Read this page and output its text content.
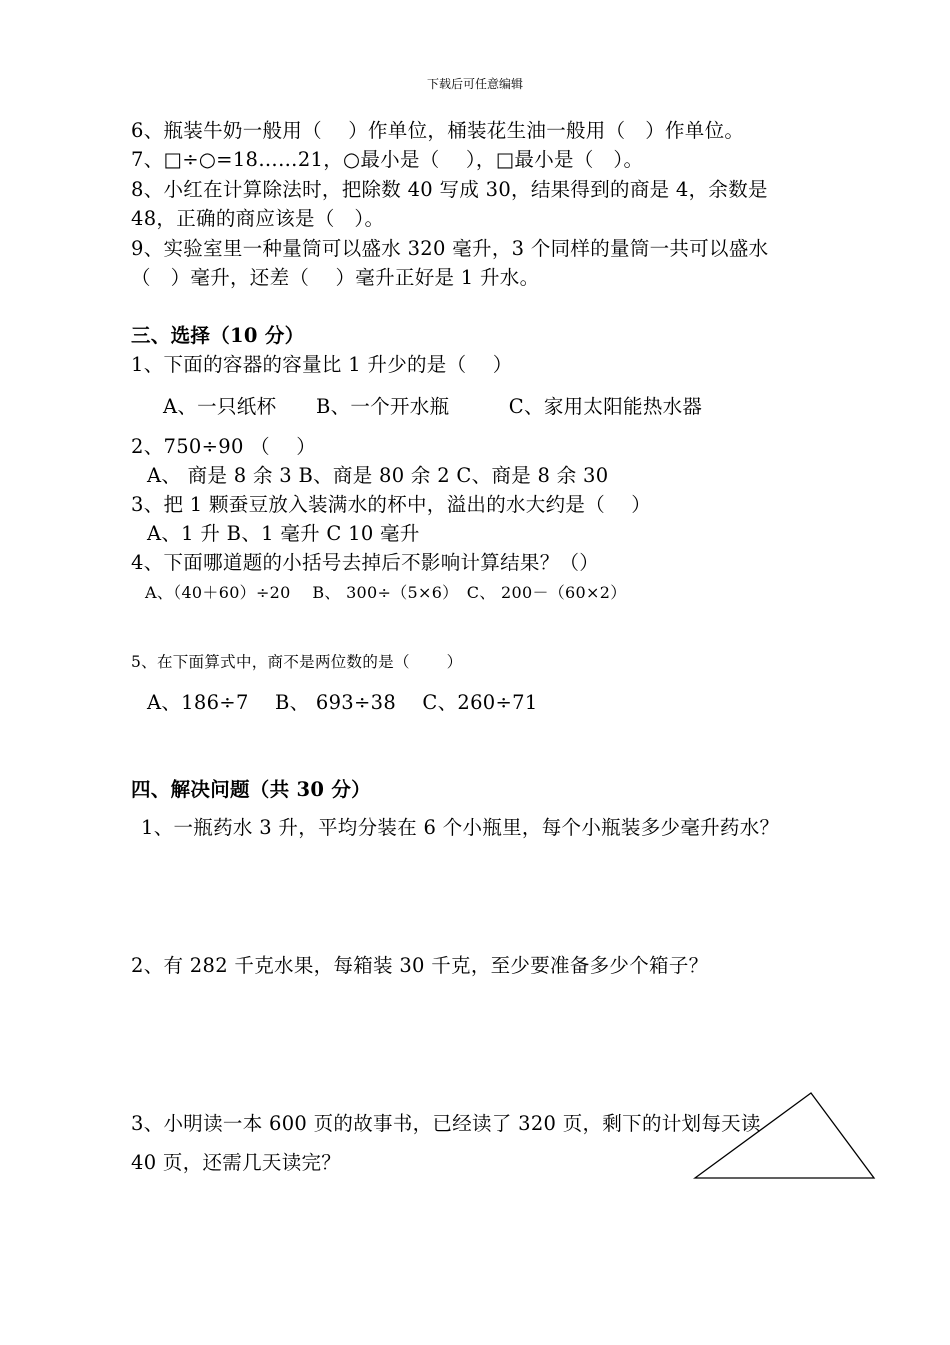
下载后可任意编辑
6、瓶装牛奶一般用（　 ）作单位，桶装花生油一般用（　）作单位。
7、□÷○=18……21，○最小是（　 ），□最小是（　）。
8、小红在计算除法时，把除数 40 写成 30，结果得到的商是 4，余数是
48，正确的商应该是（　）。
9、实验室里一种量筒可以盛水 320 毫升，3 个同样的量筒一共可以盛水
（　）毫升，还差（　 ）毫升正好是 1 升水。
三、选择（10 分）
1、下面的容器的容量比 1 升少的是（　 ）
A、一只纸杯　　B、一个开水瓶　　　C、家用太阳能热水器
2、750÷90 （　 ）
A、 商是 8 余 3 B、商是 80 余 2 C、商是 8 余 30
3、把 1 颗蚕豆放入装满水的杯中，溢出的水大约是（　 ）
A、1 升 B、1 毫升 C 10 毫升
4、下面哪道题的小括号去掉后不影响计算结果？（）
A、（40＋60）÷20　 B、 300÷（5×6）　C、 200－（60×2）
5、在下面算式中，商不是两位数的是（　　 ）
A、186÷7　 B、 693÷38　 C、260÷71
四、解决问题（共 30 分）
1、一瓶药水 3 升，平均分装在 6 个小瓶里，每个小瓶装多少毫升药水？
2、有 282 千克水果，每箱装 30 千克，至少要准备多少个箱子？
3、小明读一本 600 页的故事书，已经读了 320 页，剩下的计划每天读
40 页，还需几天读完？
